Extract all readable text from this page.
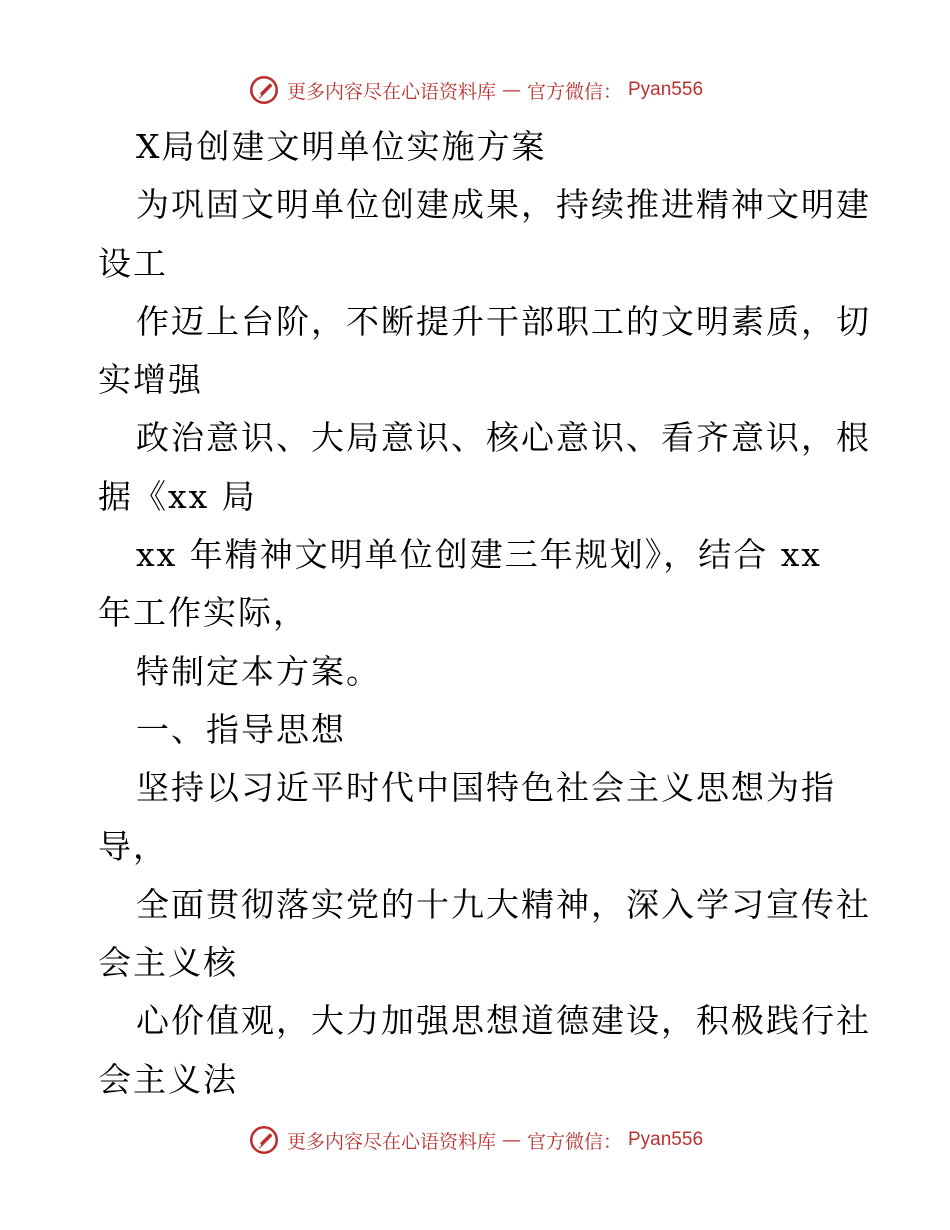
更多内容尽在心语资料库 — 官方微信： Pyan556
X局创建文明单位实施方案
为巩固文明单位创建成果，持续推进精神文明建
设工
作迈上台阶，不断提升干部职工的文明素质，切
实增强
政治意识、大局意识、核心意识、看齐意识，根
据《xx 局
xx 年精神文明单位创建三年规划》，结合 xx
年工作实际，
特制定本方案。
一、指导思想
坚持以习近平时代中国特色社会主义思想为指
导，
全面贯彻落实党的十九大精神，深入学习宣传社
会主义核
心价值观，大力加强思想道德建设，积极践行社
会主义法
更多内容尽在心语资料库 — 官方微信： Pyan556
